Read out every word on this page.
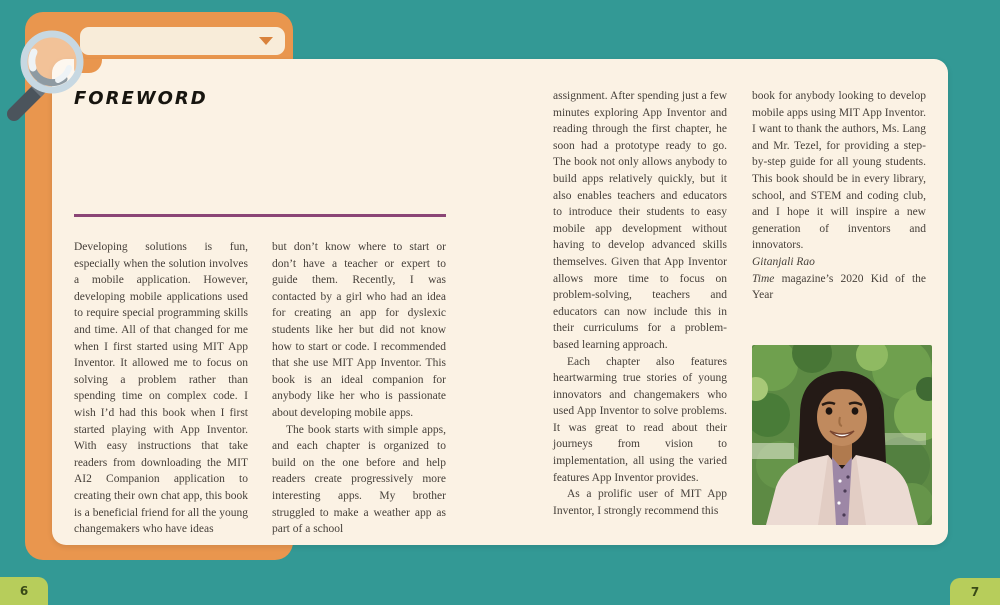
FOREWORD

Developing solutions is fun, especially when the solution involves a mobile application. However, developing mobile applications used to require special programming skills and time. All of that changed for me when I first started using MIT App Inventor. It allowed me to focus on solving a problem rather than spending time on complex code. I wish I’d had this book when I first started playing with App Inventor. With easy instructions that take readers from downloading the MIT AI2 Companion application to creating their own chat app, this book is a beneficial friend for all the young changemakers who have ideas

but don’t know where to start or don’t have a teacher or expert to guide them. Recently, I was contacted by a girl who had an idea for creating an app for dyslexic students like her but did not know how to start or code. I recommended that she use MIT App Inventor. This book is an ideal companion for anybody like her who is passionate about developing mobile apps.

The book starts with simple apps, and each chapter is organized to build on the one before and help readers create progressively more interesting apps. My brother struggled to make a weather app as part of a school

assignment. After spending just a few minutes exploring App Inventor and reading through the first chapter, he soon had a prototype ready to go. The book not only allows anybody to build apps relatively quickly, but it also enables teachers and educators to introduce their students to easy mobile app development without having to develop advanced skills themselves. Given that App Inventor allows more time to focus on problem-solving, teachers and educators can now include this in their curriculums for a problem-based learning approach.

Each chapter also features heartwarming true stories of young innovators and changemakers who used App Inventor to solve problems. It was great to read about their journeys from vision to implementation, all using the varied features App Inventor provides.

As a prolific user of MIT App Inventor, I strongly recommend this

book for anybody looking to develop mobile apps using MIT App Inventor. I want to thank the authors, Ms. Lang and Mr. Tezel, for providing a step-by-step guide for all young students. This book should be in every library, school, and STEM and coding club, and I hope it will inspire a new generation of inventors and innovators.

Gitanjali Rao

Time magazine’s 2020 Kid of the Year

6	7
